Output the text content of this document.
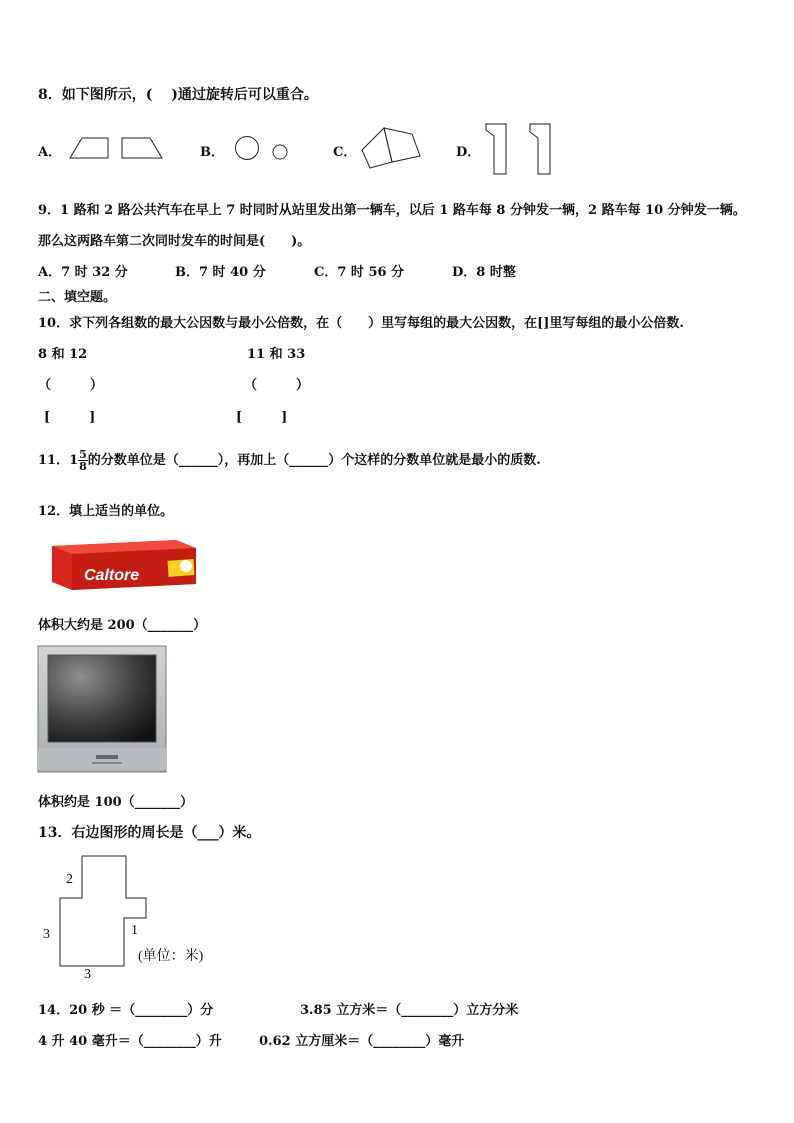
8．如下图所示，(　 )通过旋转后可以重合。
A．	B．	C．	D．
9．1 路和 2 路公共汽车在早上 7 时同时从站里发出第一辆车，以后 1 路车每 8 分钟发一辆，2 路车每 10 分钟发一辆。
那么这两路车第二次同时发车的时间是(　　)。
A．7 时 32 分	B．7 时 40 分	C．7 时 56 分	D．8 时整
二、填空题。
10．求下列各组数的最大公因数与最小公倍数，在（　　）里写每组的最大公因数，在[]里写每组的最小公倍数.
8 和 12	11 和 33
（　　　）	（　　　）
[　　　]	[　　　]
11．$1 \frac{5}{8}$ 的分数单位是（______），再加上（______）个这样的分数单位就是最小的质数.
12．填上适当的单位。
Caltore
体积大约是 200（_______）
体积约是 100（_______）
13．右边图形的周长是（___）米。
2
3	1
3
(单位：米)
14．20 秒 ＝（________）分	3.85 立方米＝（________）立方分米
4 升 40 毫升＝（________）升	0.62 立方厘米＝（________）毫升
